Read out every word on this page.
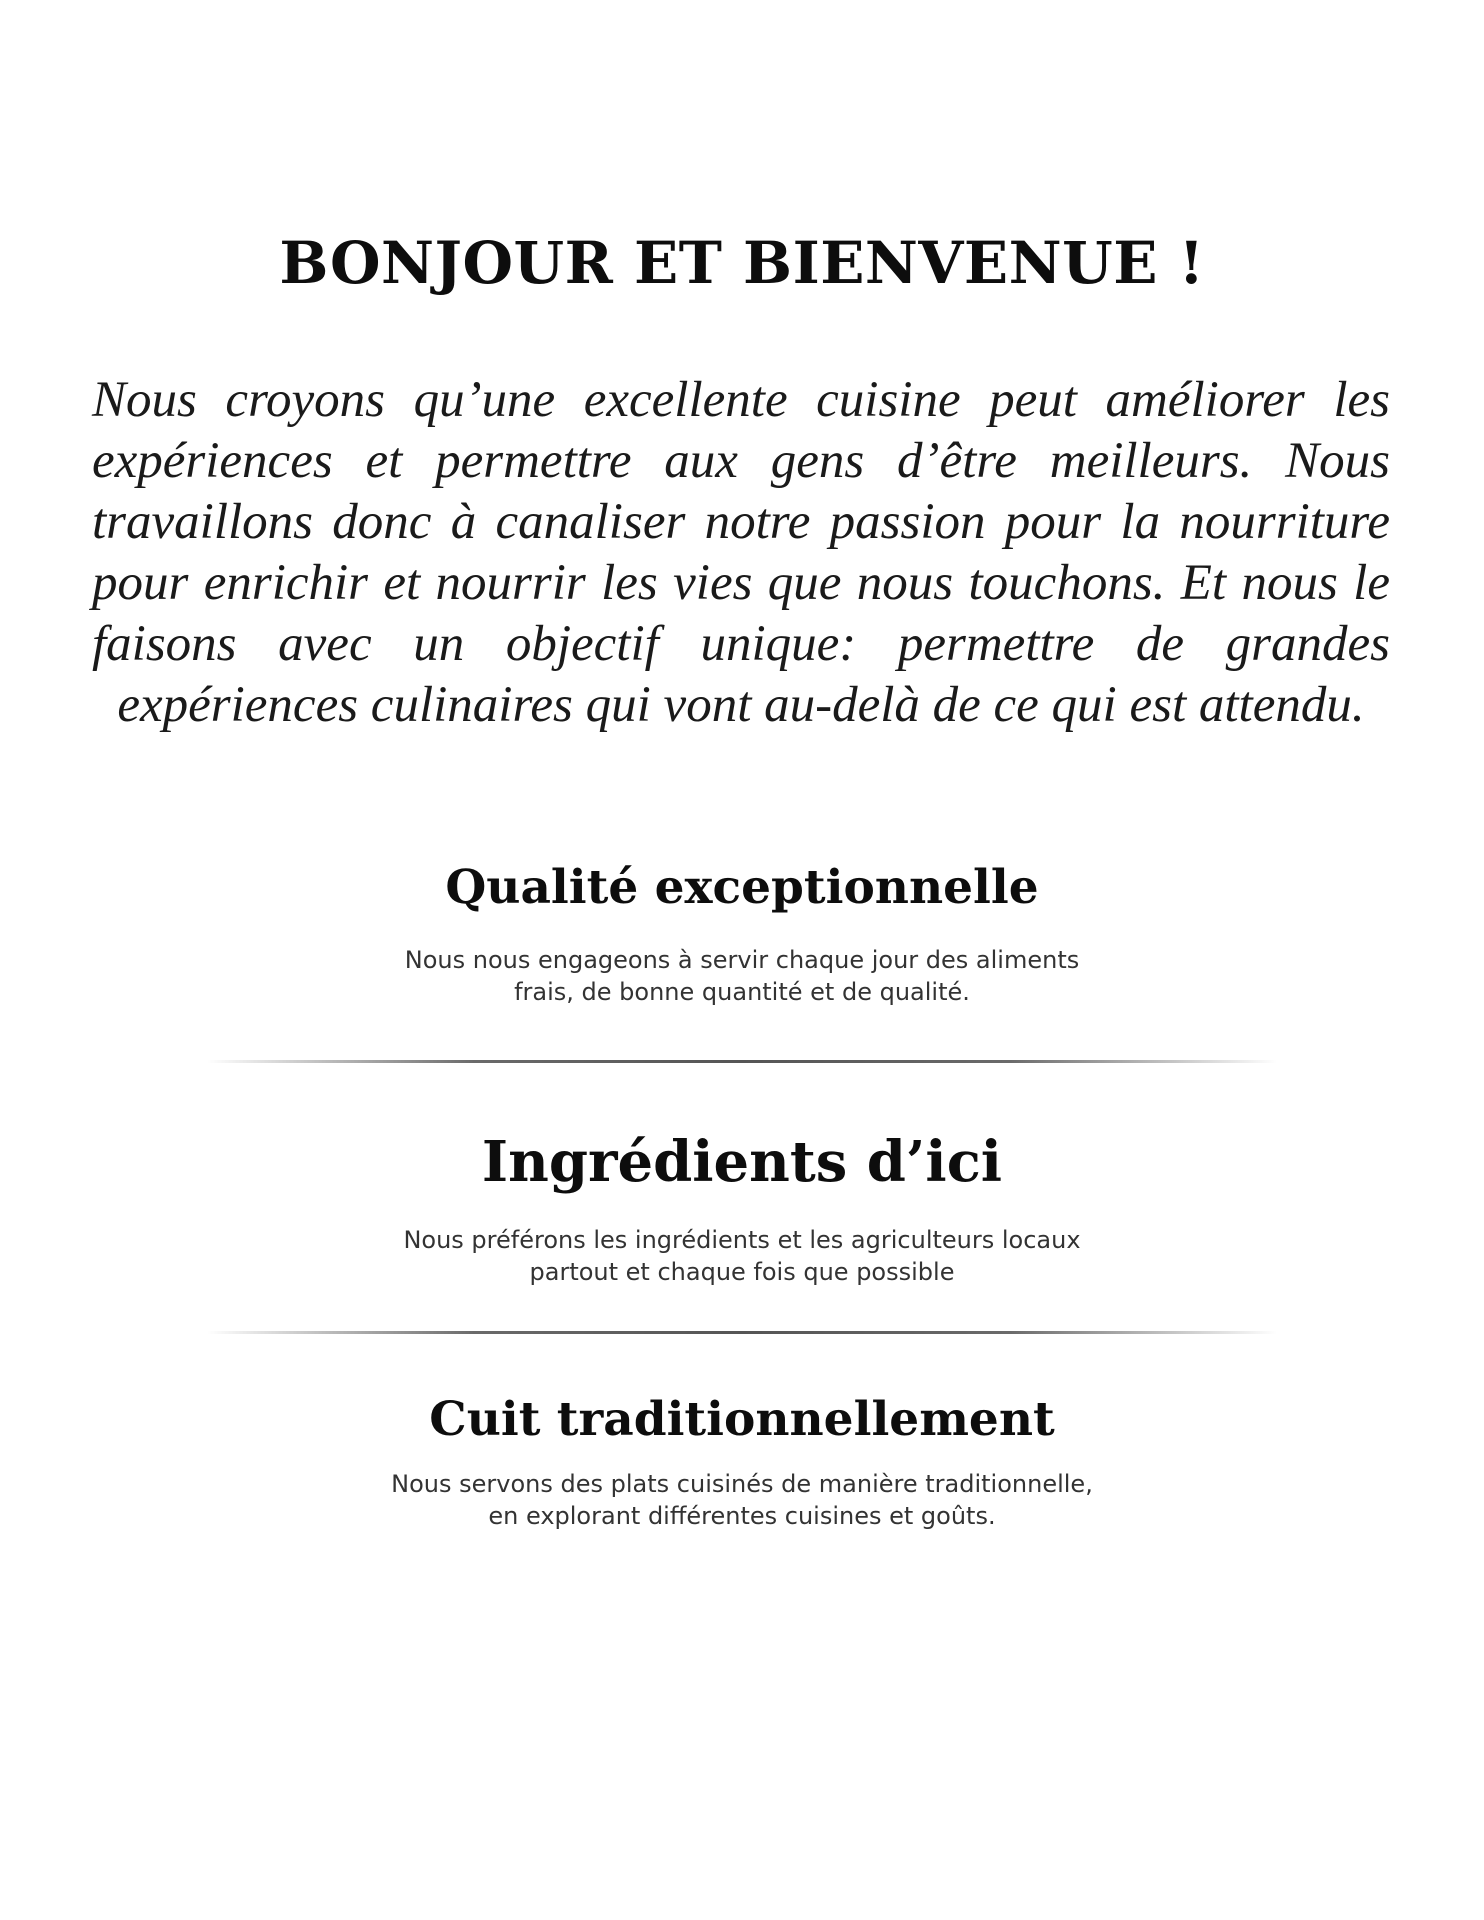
BONJOUR ET BIENVENUE !

Nous croyons qu’une excellente cuisine peut améliorer les expériences et permettre aux gens d’être meilleurs. Nous travaillons donc à canaliser notre passion pour la nourriture pour enrichir et nourrir les vies que nous touchons. Et nous le faisons avec un objectif unique: permettre de grandes expériences culinaires qui vont au-delà de ce qui est attendu.

Qualité exceptionnelle

Nous nous engageons à servir chaque jour des aliments
frais, de bonne quantité et de qualité.

Ingrédients d’ici

Nous préférons les ingrédients et les agriculteurs locaux
partout et chaque fois que possible

Cuit traditionnellement

Nous servons des plats cuisinés de manière traditionnelle,
en explorant différentes cuisines et goûts.
